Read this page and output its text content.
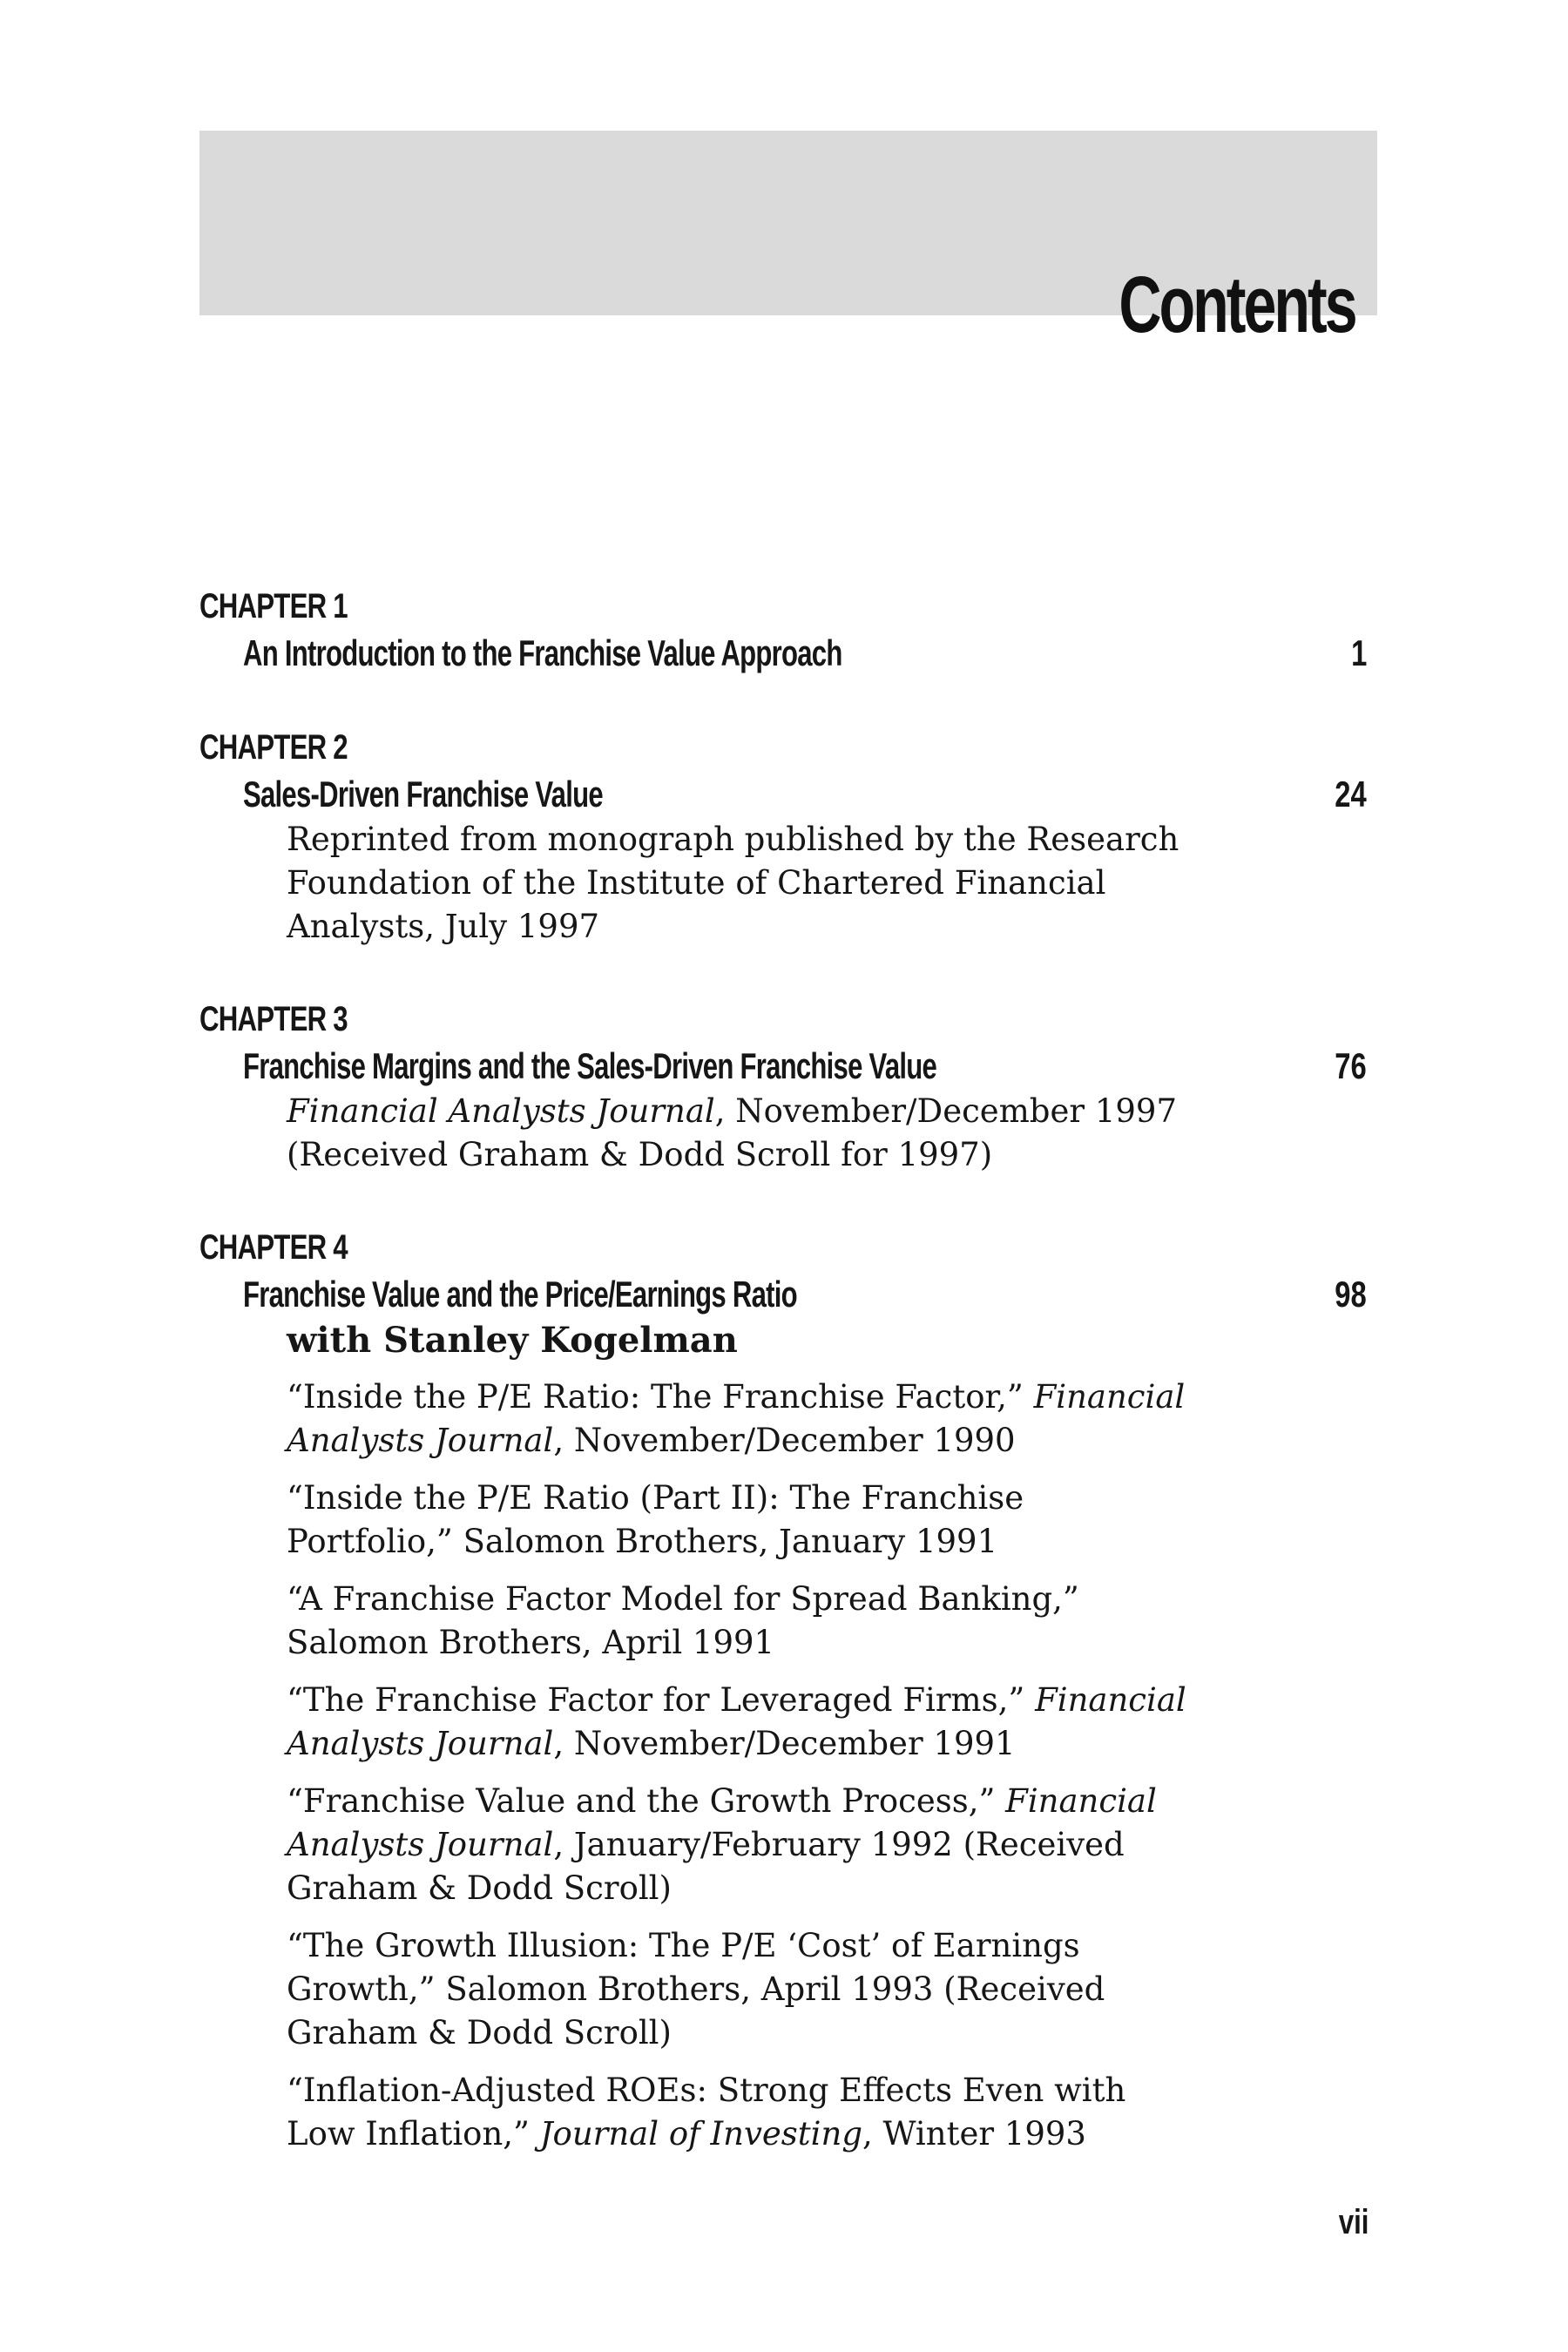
Contents
CHAPTER 1
An Introduction to the Franchise Value Approach	1
CHAPTER 2
Sales-Driven Franchise Value	24
Reprinted from monograph published by the Research
Foundation of the Institute of Chartered Financial
Analysts, July 1997
CHAPTER 3
Franchise Margins and the Sales-Driven Franchise Value	76
Financial Analysts Journal, November/December 1997
(Received Graham & Dodd Scroll for 1997)
CHAPTER 4
Franchise Value and the Price/Earnings Ratio	98
with Stanley Kogelman
“Inside the P/E Ratio: The Franchise Factor,” Financial
Analysts Journal, November/December 1990
“Inside the P/E Ratio (Part II): The Franchise
Portfolio,” Salomon Brothers, January 1991
“A Franchise Factor Model for Spread Banking,”
Salomon Brothers, April 1991
“The Franchise Factor for Leveraged Firms,” Financial
Analysts Journal, November/December 1991
“Franchise Value and the Growth Process,” Financial
Analysts Journal, January/February 1992 (Received
Graham & Dodd Scroll)
“The Growth Illusion: The P/E ‘Cost’ of Earnings
Growth,” Salomon Brothers, April 1993 (Received
Graham & Dodd Scroll)
“Inflation-Adjusted ROEs: Strong Effects Even with
Low Inflation,” Journal of Investing, Winter 1993
vii
